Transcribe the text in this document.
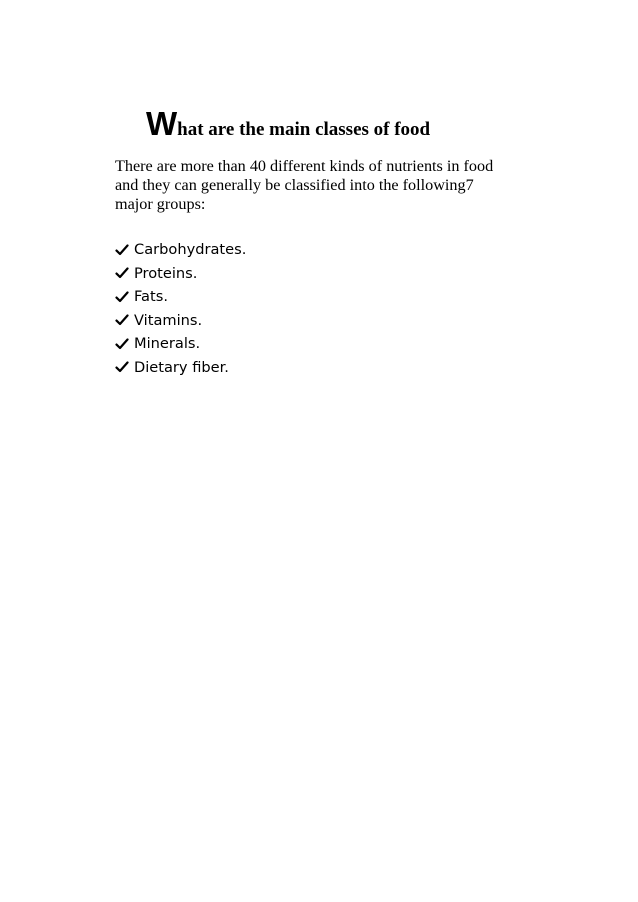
What are the main classes of food

There are more than 40 different kinds of nutrients in food
and they can generally be classified into the following7
major groups:

Carbohydrates.
Proteins.
Fats.
Vitamins.
Minerals.
Dietary fiber.
